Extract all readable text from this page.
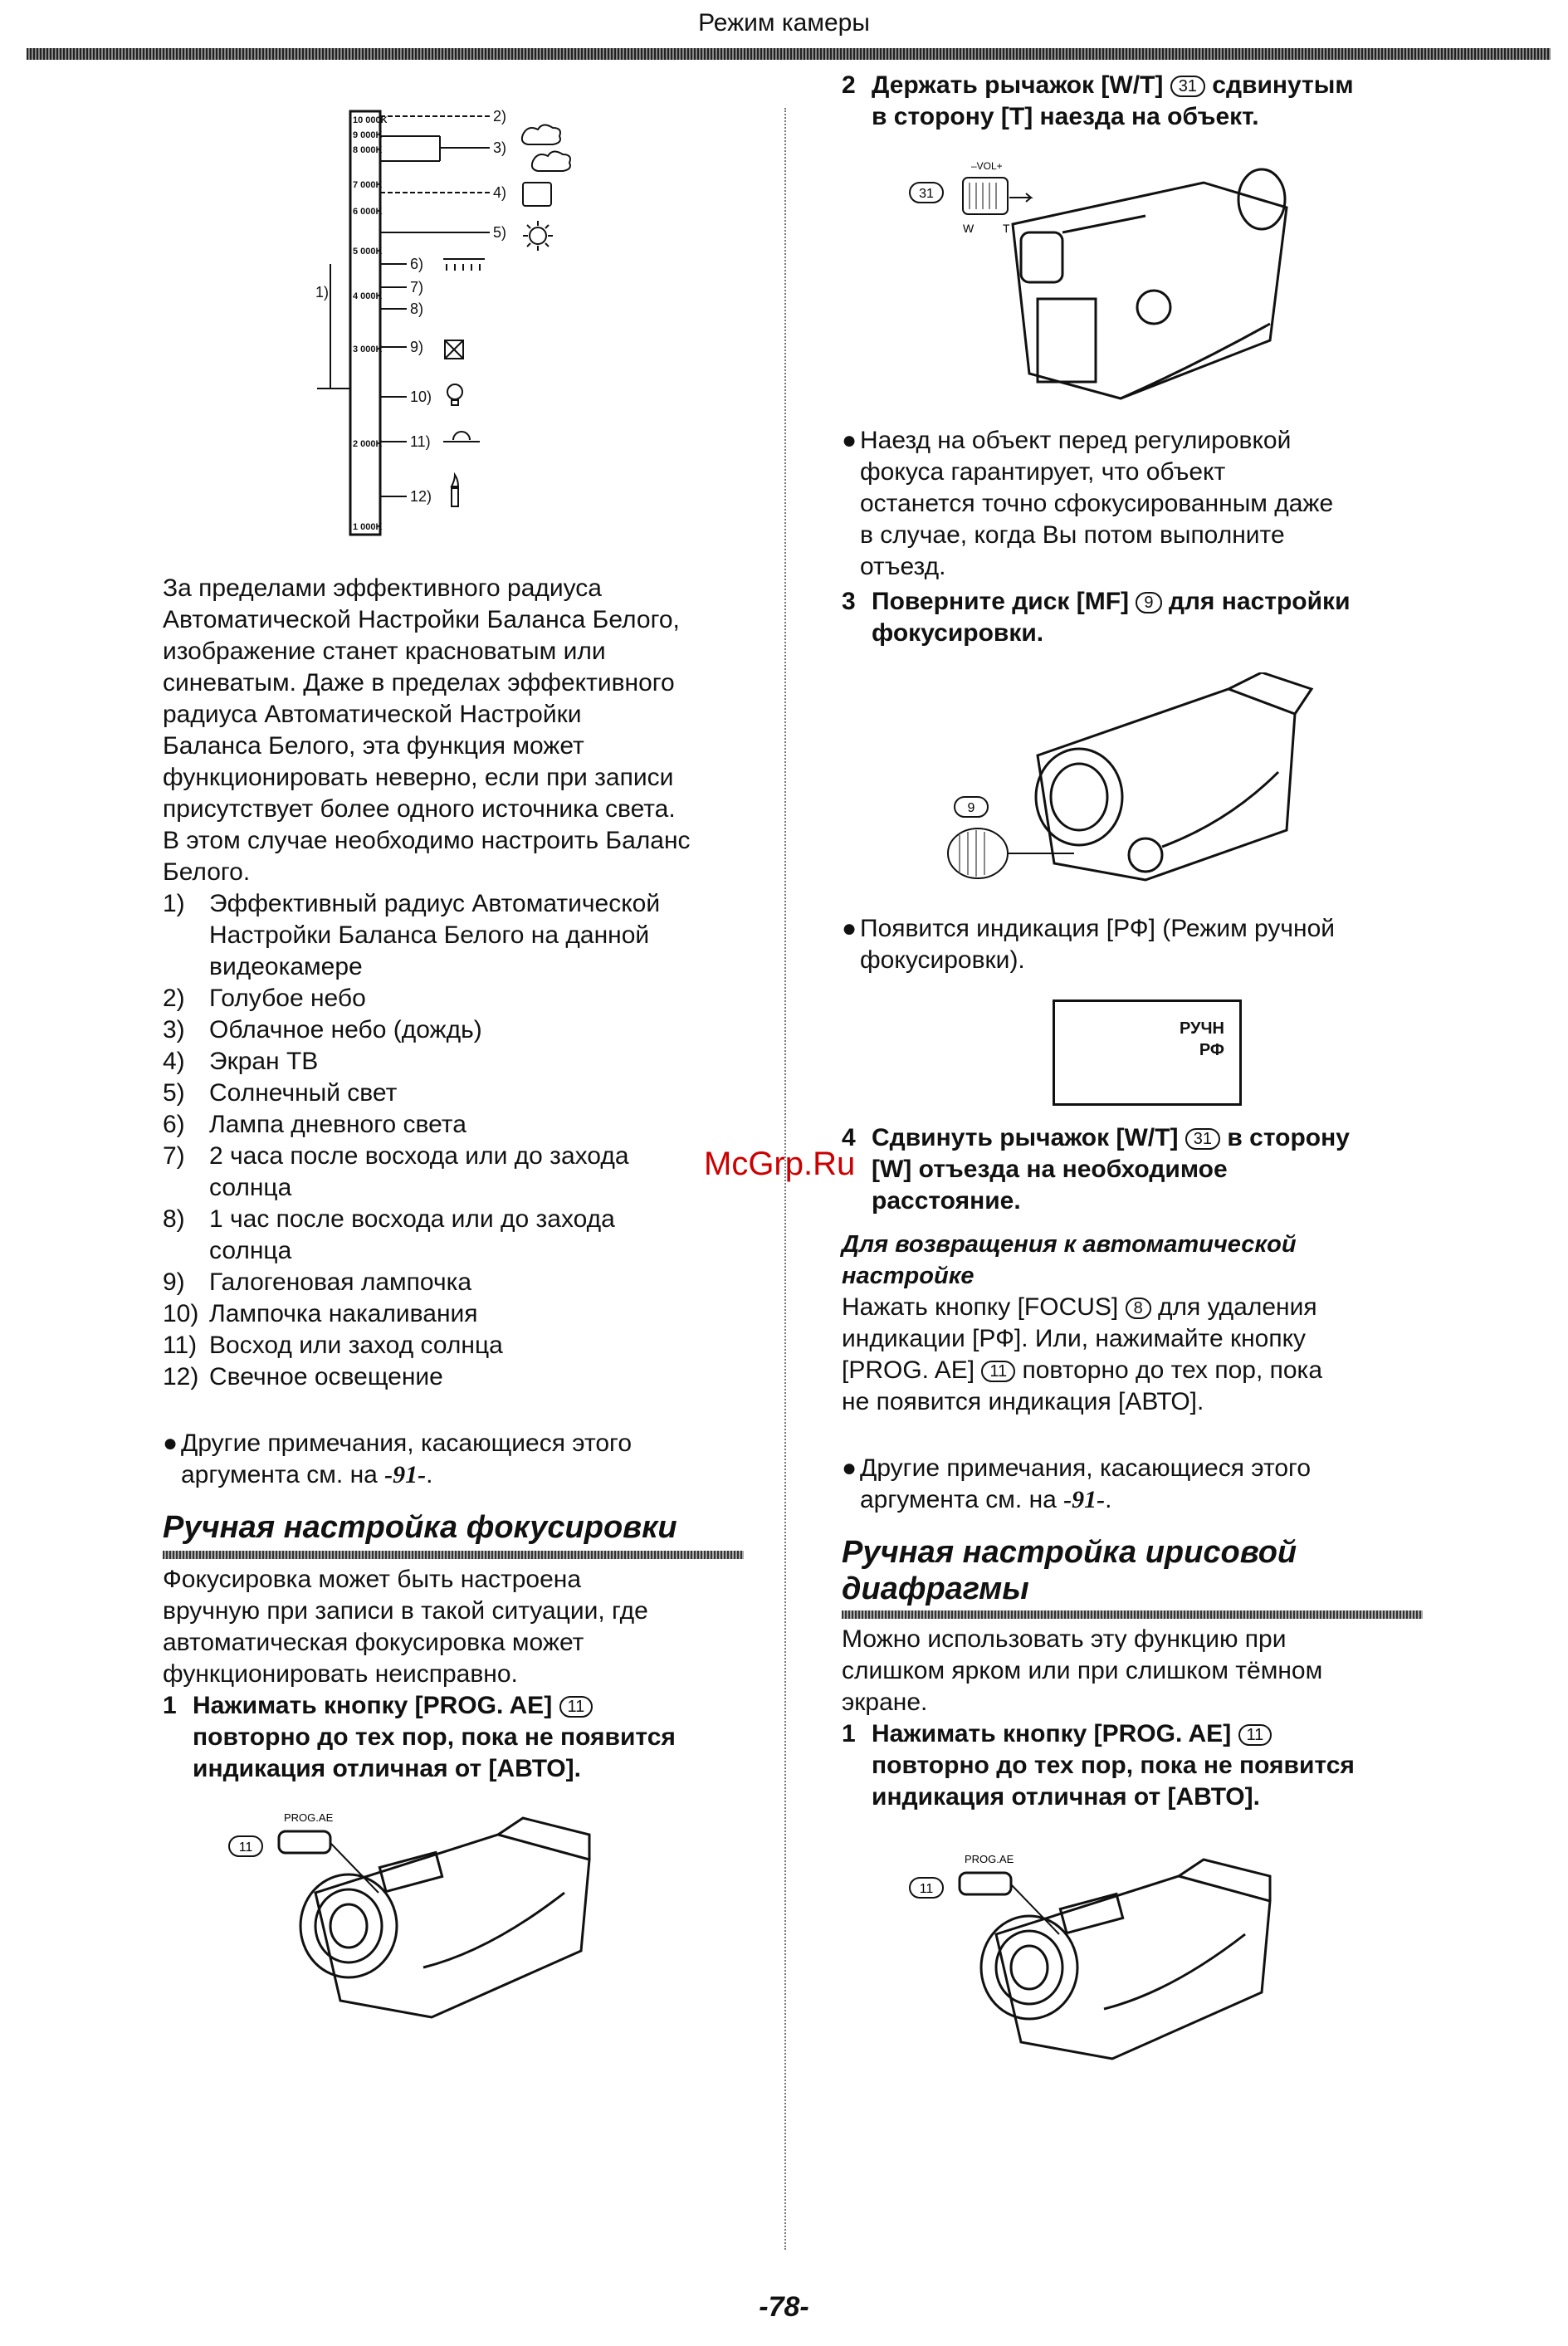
Режим камеры
10 000K
9 000K
8 000K
7 000K
6 000K
5 000K
4 000K
3 000K
2 000K
1 000K
1)
2)
3)
4)
5)
6)
7)
8)
9)
10)
11)
12)

За пределами эффективного радиуса

Автоматической Настройки Баланса Белого,

изображение станет красноватым или

синеватым. Даже в пределах эффективного

радиуса Автоматической Настройки

Баланса Белого, эта функция может

функционировать неверно, если при записи

присутствует более одного источника света.

В этом случае необходимо настроить Баланс

Белого.

1) Эффективный радиус Автоматической
Настройки Баланса Белого на данной
видеокамере
2) Голубое небо
3) Облачное небо (дождь)
4) Экран ТВ
5) Солнечный свет
6) Лампа дневного света
7) 2 часа после восхода или до захода
солнца
8) 1 час после восхода или до захода
солнца
9) Галогеновая лампочка
10) Лампочка накаливания
11) Восход или заход солнца
12) Свечное освещение
● Другие примечания, касающиеся этого
аргумента см. на -91-.
Ручная настройка фокусировки

Фокусировка может быть настроена

вручную при записи в такой ситуации, где

автоматическая фокусировка может

функционировать неисправно.

1 Нажимать кнопку [PROG. AE] 11
повторно до тех пор, пока не появится
индикация отличная от [АВТО].
11
PROG.AE
2 Держать рычажок [W/T] 31 сдвинутым
в сторону [T] наезда на объект.
31
–VOL+
W T
● Наезд на объект перед регулировкой
фокуса гарантирует, что объект
останется точно сфокусированным даже
в случае, когда Вы потом выполните
отъезд.
3 Поверните диск [MF] 9 для настройки
фокусировки.
9
● Появится индикация [РФ] (Режим ручной
фокусировки).
РУЧН
РФ
4 Сдвинуть рычажок [W/T] 31 в сторону
[W] отъезда на необходимое
расстояние.
Для возвращения к автоматической
настройке
Нажать кнопку [FOCUS] 8 для удаления
индикации [РФ]. Или, нажимайте кнопку
[PROG. AE] 11 повторно до тех пор, пока
не появится индикация [АВТО].
● Другие примечания, касающиеся этого
аргумента см. на -91-.
Ручная настройка ирисовой
диафрагмы

Можно использовать эту функцию при

слишком ярком или при слишком тёмном

экране.

1 Нажимать кнопку [PROG. AE] 11
повторно до тех пор, пока не появится
индикация отличная от [АВТО].
11
PROG.AE
McGrp.Ru
-78-
